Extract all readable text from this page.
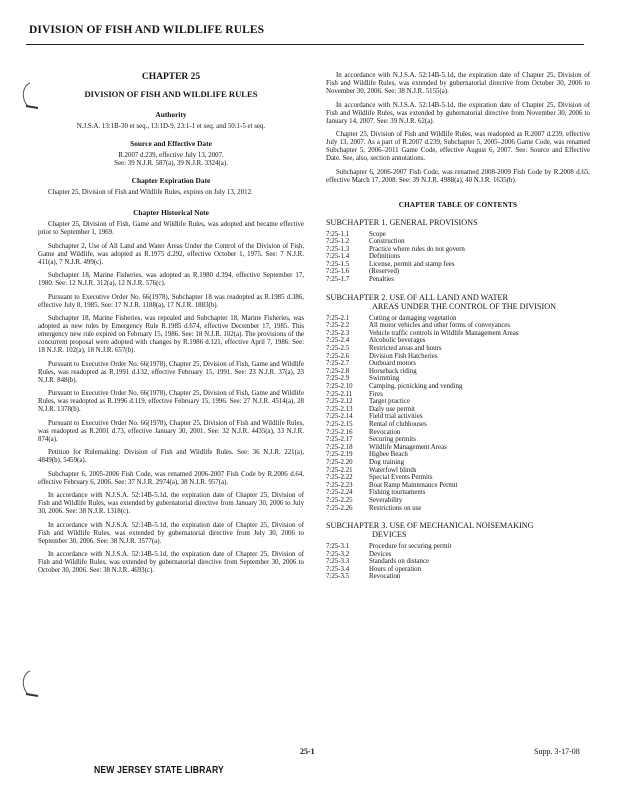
DIVISION OF FISH AND WILDLIFE RULES
CHAPTER 25
DIVISION OF FISH AND WILDLIFE RULES
Authority

N.J.S.A. 13:1B-30 et seq., 13:1D-9, 23:1-1 et seq. and 50:1-5 et seq.

Source and Effective Date

R.2007 d.239, effective July 13, 2007.

See: 39 N.J.R. 587(a), 39 N.J.R. 3324(a).

Chapter Expiration Date

Chapter 25, Division of Fish and Wildlife Rules, expires on July 13, 2012.

Chapter Historical Note

Chapter 25, Division of Fish, Game and Wildlife Rules, was adopted and became effective prior to September 1, 1969.

Subchapter 2, Use of All Land and Water Areas Under the Control of the Division of Fish, Game and Wildlife, was adopted as R.1975 d.292, effective October 1, 1975. See: 7 N.J.R. 411(a), 7 N.J.R. 499(c).

Subchapter 18, Marine Fisheries, was adopted as R.1980 d.394, effective September 17, 1980. See: 12 N.J.R. 312(a), 12 N.J.R. 576(c).

Pursuant to Executive Order No. 66(1978), Subchapter 18 was readopted as R.1985 d.386, effective July 8, 1985. See: 17 N.J.R. 1188(a), 17 N.J.R. 1883(b).

Subchapter 18, Marine Fisheries, was repealed and Subchapter 18, Marine Fisheries, was adopted as new rules by Emergency Rule R.1985 d.674, effective December 17, 1985. This emergency new rule expired on February 15, 1986. See: 18 N.J.R. 102(a). The provisions of the concurrent proposal were adopted with changes by R.1986 d.121, effective April 7, 1986. See: 18 N.J.R. 102(a), 18 N.J.R. 657(b).

Pursuant to Executive Order No. 66(1978), Chapter 25, Division of Fish, Game and Wildlife Rules, was readopted as R.1991 d.132, effective February 15, 1991. See: 23 N.J.R. 37(a), 23 N.J.R. 848(b).

Pursuant to Executive Order No. 66(1978), Chapter 25, Division of Fish, Game and Wildlife Rules, was readopted as R.1996 d.119, effective February 15, 1996. See: 27 N.J.R. 4514(a), 28 N.J.R. 1378(b).

Pursuant to Executive Order No. 66(1978), Chapter 25, Division of Fish and Wildlife Rules, was readopted as R.2001 d.73, effective January 30, 2001. See: 32 N.J.R. 4435(a), 33 N.J.R. 874(a).

Petition for Rulemaking: Division of Fish and Wildlife Rules. See: 36 N.J.R. 221(a), 4849(b), 5459(a).

Subchapter 6, 2005-2006 Fish Code, was renamed 2006-2007 Fish Code by R.2006 d.64, effective February 6, 2006. See: 37 N.J.R. 2974(a), 38 N.J.R. 957(a).

In accordance with N.J.S.A. 52:14B-5.1d, the expiration date of Chapter 25, Division of Fish and Wildlife Rules, was extended by gubernatorial directive from January 30, 2006 to July 30, 2006. See: 38 N.J.R. 1318(c).

In accordance with N.J.S.A. 52:14B-5.1d, the expiration date of Chapter 25, Division of Fish and Wildlife Rules, was extended by gubernatorial directive from July 30, 2006 to September 30, 2006. See: 38 N.J.R. 3577(a).

In accordance with N.J.S.A. 52:14B-5.1d, the expiration date of Chapter 25, Division of Fish and Wildlife Rules, was extended by gubernatorial directive from September 30, 2006 to October 30, 2006. See: 38 N.J.R. 4693(c).

In accordance with N.J.S.A. 52:14B-5.1d, the expiration date of Chapter 25, Division of Fish and Wildlife Rules, was extended by gubernatorial directive from October 30, 2006 to November 30, 2006. See: 38 N.J.R. 5155(a).

In accordance with N.J.S.A. 52:14B-5.1d, the expiration date of Chapter 25, Division of Fish and Wildlife Rules, was extended by gubernatorial directive from November 30, 2006 to January 14, 2007. See: 39 N.J.R. 62(a).

Chapter 25, Division of Fish and Wildlife Rules, was readopted as R.2007 d.239, effective July 13, 2007. As a part of R.2007 d.239, Subchapter 5, 2005–2006 Game Code, was renamed Subchapter 5, 2006–2011 Game Code, effective August 6, 2007. See: Source and Effective Date. See, also, section annotations.

Subchapter 6, 2006-2007 Fish Code, was renamed 2008-2009 Fish Code by R.2008 d.65, effective March 17, 2008. See: 39 N.J.R. 4988(a), 40 N.J.R. 1635(b).

CHAPTER TABLE OF CONTENTS
SUBCHAPTER 1. GENERAL PROVISIONS
7:25-1.1	Scope
7:25-1.2	Construction
7:25-1.3	Practice where rules do not govern
7:25-1.4	Definitions
7:25-1.5	License, permit and stamp fees
7:25-1.6	(Reserved)
7:25-1.7	Penalties
SUBCHAPTER 2. USE OF ALL LAND AND WATER
AREAS UNDER THE CONTROL OF THE DIVISION
7:25-2.1	Cutting or damaging vegetation
7:25-2.2	All motor vehicles and other forms of conveyances
7:25-2.3	Vehicle traffic controls in Wildlife Management Areas
7:25-2.4	Alcoholic beverages
7:25-2.5	Restricted areas and hours
7:25-2.6	Division Fish Hatcheries
7:25-2.7	Outboard motors
7:25-2.8	Horseback riding
7:25-2.9	Swimming
7:25-2.10	Camping, picnicking and vending
7:25-2.11	Fires
7:25-2.12	Target practice
7:25-2.13	Daily use permit
7:25-2.14	Field trial activities
7:25-2.15	Rental of clubhouses
7:25-2.16	Revocation
7:25-2.17	Securing permits
7:25-2.18	Wildlife Management Areas
7:25-2.19	Higbee Beach
7:25-2.20	Dog training
7:25-2.21	Waterfowl blinds
7:25-2.22	Special Events Permits
7:25-2.23	Boat Ramp Maintenance Permit
7:25-2.24	Fishing tournaments
7:25-2.25	Severability
7:25-2.26	Restrictions on use
SUBCHAPTER 3. USE OF MECHANICAL NOISEMAKING
DEVICES
7:25-3.1	Procedure for securing permit
7:25-3.2	Devices
7:25-3.3	Standards on distance
7:25-3.4	Hours of operation
7:25-3.5	Revocation
25-1	Supp. 3-17-08
NEW JERSEY STATE LIBRARY
